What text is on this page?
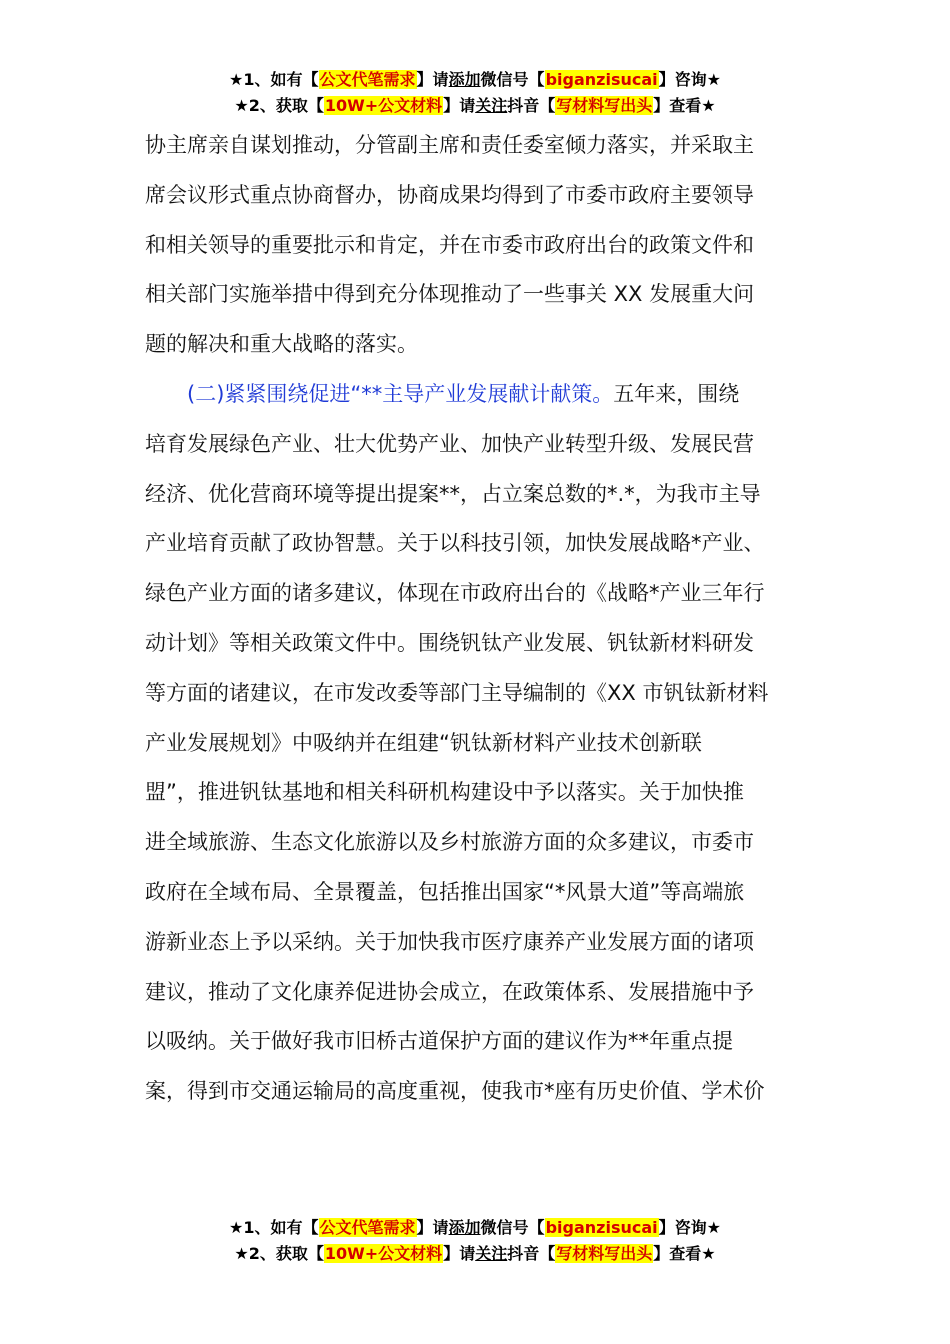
★1、如有【公文代笔需求】请添加微信号【biganzisucai】咨询★
★2、获取【10W+公文材料】请关注抖音【写材料写出头】查看★
协主席亲自谋划推动，分管副主席和责任委室倾力落实，并采取主
席会议形式重点协商督办，协商成果均得到了市委市政府主要领导
和相关领导的重要批示和肯定，并在市委市政府出台的政策文件和
相关部门实施举措中得到充分体现推动了一些事关 XX 发展重大问
题的解决和重大战略的落实。
(二)紧紧围绕促进“**主导产业发展献计献策。五年来，围绕
培育发展绿色产业、壮大优势产业、加快产业转型升级、发展民营
经济、优化营商环境等提出提案**，占立案总数的*.*，为我市主导
产业培育贡献了政协智慧。关于以科技引领，加快发展战略*产业、
绿色产业方面的诸多建议，体现在市政府出台的《战略*产业三年行
动计划》等相关政策文件中。围绕钒钛产业发展、钒钛新材料研发
等方面的诸建议，在市发改委等部门主导编制的《XX 市钒钛新材料
产业发展规划》中吸纳并在组建“钒钛新材料产业技术创新联
盟”，推进钒钛基地和相关科研机构建设中予以落实。关于加快推
进全域旅游、生态文化旅游以及乡村旅游方面的众多建议，市委市
政府在全域布局、全景覆盖，包括推出国家“*风景大道”等高端旅
游新业态上予以采纳。关于加快我市医疗康养产业发展方面的诸项
建议，推动了文化康养促进协会成立，在政策体系、发展措施中予
以吸纳。关于做好我市旧桥古道保护方面的建议作为**年重点提
案，得到市交通运输局的高度重视，使我市*座有历史价值、学术价
★1、如有【公文代笔需求】请添加微信号【biganzisucai】咨询★
★2、获取【10W+公文材料】请关注抖音【写材料写出头】查看★
